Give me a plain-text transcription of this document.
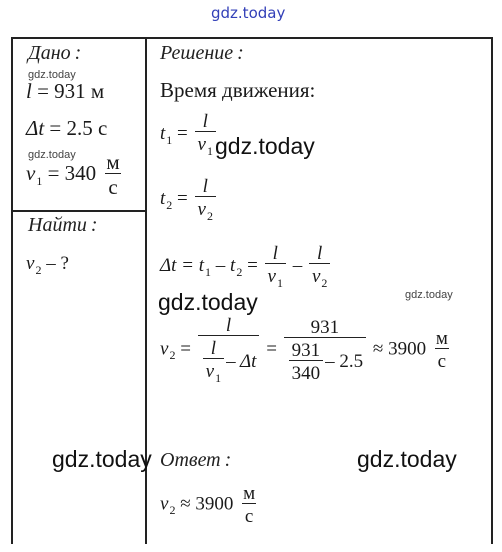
gdz.today
Дано :
gdz.today
l = 931 м
Δt = 2.5 с
gdz.today
$v_1 = 340 \frac{м}{с}$
Найти :
$v_2$ – ?
Решение :
Время движения:
$t_1 = \frac{l}{v_1}$ gdz.today
$t_2 = \frac{l}{v_2}$
$\Delta t = t_1 - t_2 = \frac{l}{v_1} - \frac{l}{v_2}$
gdz.today	gdz.today
$v_2 = \frac{l}{\frac{l}{v_1} - \Delta t} = \frac{931}{\frac{931}{340} - 2.5} \approx 3900 \frac{м}{с}$
gdz.today Ответ :	gdz.today
$v_2 \approx 3900 \frac{м}{с}$
